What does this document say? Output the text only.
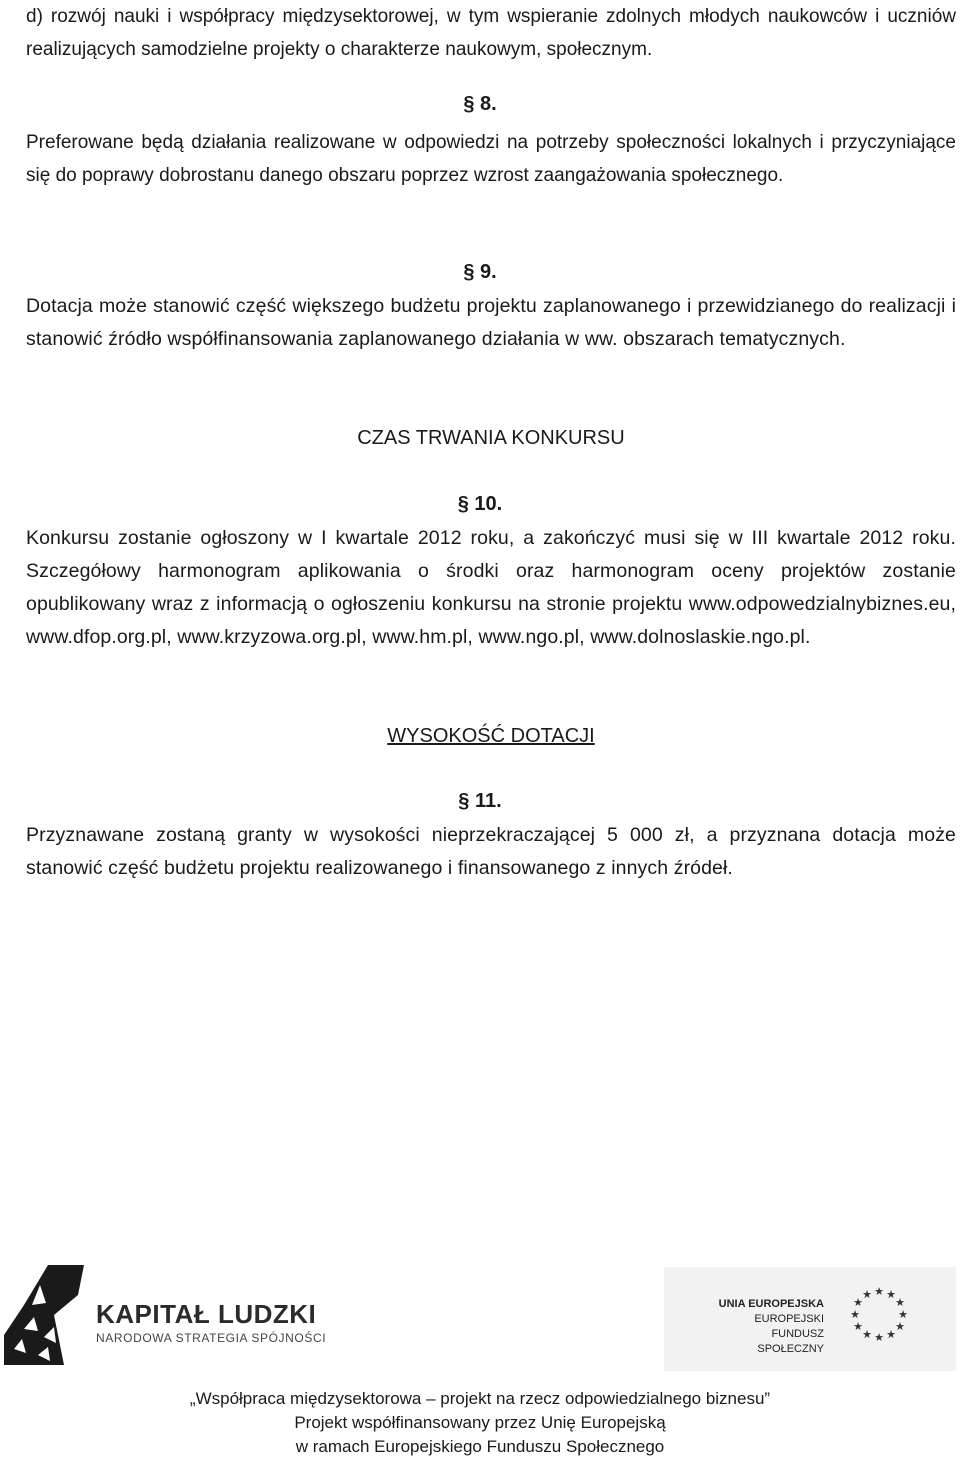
d) rozwój nauki i współpracy międzysektorowej, w tym wspieranie zdolnych młodych naukowców i uczniów realizujących samodzielne projekty o charakterze naukowym, społecznym.

§ 8.

Preferowane będą działania realizowane w odpowiedzi na potrzeby społeczności lokalnych i przyczyniające się do poprawy dobrostanu danego obszaru poprzez wzrost zaangażowania społecznego.

§ 9.

Dotacja może stanowić część większego budżetu projektu zaplanowanego i przewidzianego do realizacji i stanowić źródło współfinansowania zaplanowanego działania w ww. obszarach tematycznych.

CZAS TRWANIA KONKURSU
§ 10.

Konkursu zostanie ogłoszony w I kwartale 2012 roku, a zakończyć musi się w III kwartale 2012 roku. Szczegółowy harmonogram aplikowania o środki oraz harmonogram oceny projektów zostanie opublikowany wraz z informacją o ogłoszeniu konkursu na stronie projektu www.odpowedzialnybiznes.eu, www.dfop.org.pl, www.krzyzowa.org.pl, www.hm.pl, www.ngo.pl, www.dolnoslaskie.ngo.pl.

WYSOKOŚĆ DOTACJI
§ 11.

Przyznawane zostaną granty w wysokości nieprzekraczającej 5 000 zł, a przyznana dotacja może stanowić część budżetu projektu realizowanego i finansowanego z innych źródeł.

KAPITAŁ LUDZKI
NARODOWA STRATEGIA SPÓJNOŚCI
UNIA EUROPEJSKA
EUROPEJSKI
FUNDUSZ SPOŁECZNY
★ ★
★
★
★
★
★
★
★
★
★
★
„Współpraca międzysektorowa – projekt na rzecz odpowiedzialnego biznesu”
Projekt współfinansowany przez Unię Europejską
w ramach Europejskiego Funduszu Społecznego
